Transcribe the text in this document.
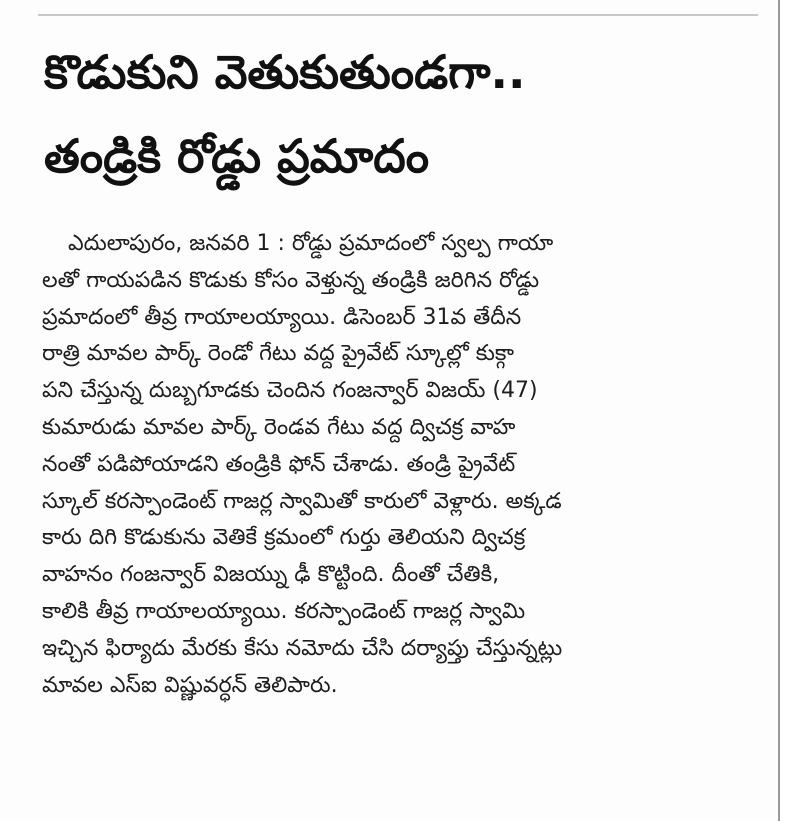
కొడుకుని వెతుకుతుండగా..
తండ్రికి రోడ్డు ప్రమాదం

ఎదులాపురం, జనవరి 1 : రోడ్డు ప్రమాదంలో స్వల్ప గాయా
లతో గాయపడిన కొడుకు కోసం వెళ్తున్న తండ్రికి జరిగిన రోడ్డు
ప్రమాదంలో తీవ్ర గాయాలయ్యాయి. డిసెంబర్ 31వ తేదీన
రాత్రి మావల పార్క్ రెండో గేటు వద్ద ప్రైవేట్ స్కూల్లో కుక్గా
పని చేస్తున్న దుబ్బగూడకు చెందిన గంజన్వార్ విజయ్ (47)
కుమారుడు మావల పార్క్ రెండవ గేటు వద్ద ద్విచక్ర వాహ
నంతో పడిపోయాడని తండ్రికి ఫోన్ చేశాడు. తండ్రి ప్రైవేట్
స్కూల్ కరస్పాండెంట్ గాజర్ల స్వామితో కారులో వెళ్లారు. అక్కడ
కారు దిగి కొడుకును వెతికే క్రమంలో గుర్తు తెలియని ద్విచక్ర
వాహనం గంజన్వార్ విజయ్ను ఢీ కొట్టింది. దీంతో చేతికి,
కాలికి తీవ్ర గాయాలయ్యాయి. కరస్పాండెంట్ గాజర్ల స్వామి
ఇచ్చిన ఫిర్యాదు మేరకు కేసు నమోదు చేసి దర్యాప్తు చేస్తున్నట్లు
మావల ఎస్ఐ విష్ణువర్ధన్ తెలిపారు.
